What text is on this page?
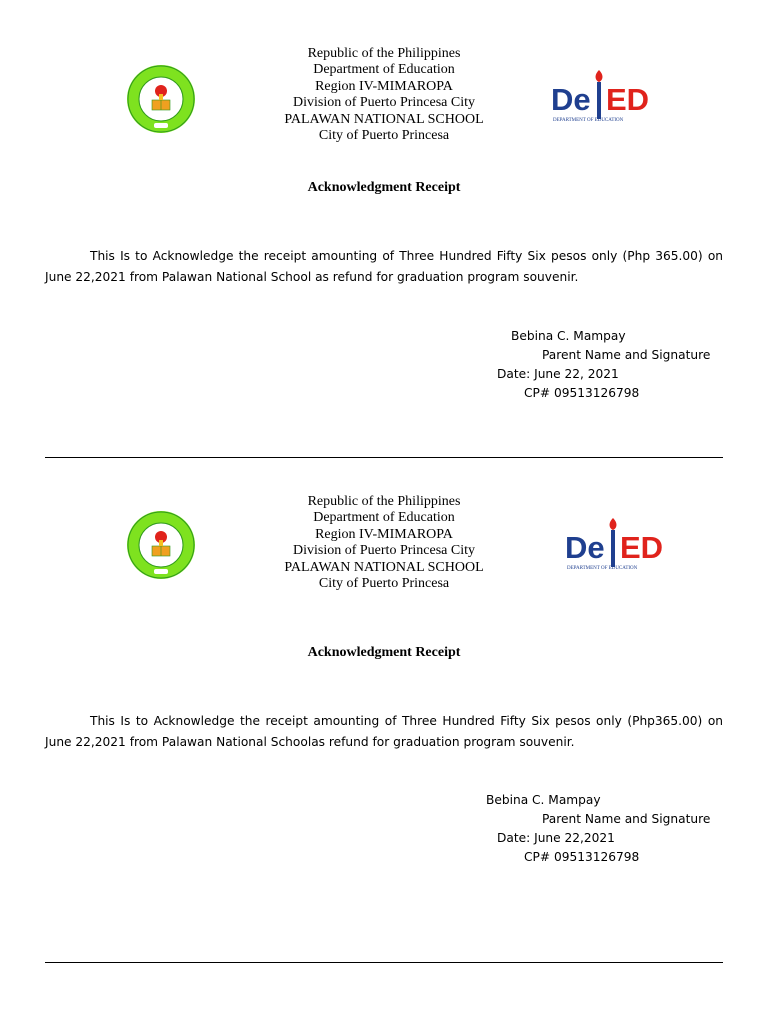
Republic of the Philippines
Department of Education
Region IV-MIMAROPA
Division of Puerto Princesa City
PALAWAN NATIONAL SCHOOL
City of Puerto Princesa
De ED
DEPARTMENT OF EDUCATION
Acknowledgment Receipt

This Is to Acknowledge the receipt amounting of Three Hundred Fifty Six pesos only (Php 365.00) on June 22,2021 from Palawan National School as refund for graduation program souvenir.

Bebina C. Mampay
Parent Name and Signature
Date: June 22, 2021
CP# 09513126798
Republic of the Philippines
Department of Education
Region IV-MIMAROPA
Division of Puerto Princesa City
PALAWAN NATIONAL SCHOOL
City of Puerto Princesa
De ED
DEPARTMENT OF EDUCATION
Acknowledgment Receipt

This Is to Acknowledge the receipt amounting of Three Hundred Fifty Six pesos only (Php365.00) on June 22,2021 from Palawan National Schoolas refund for graduation program souvenir.

Bebina C. Mampay
Parent Name and Signature
Date: June 22,2021
CP# 09513126798
